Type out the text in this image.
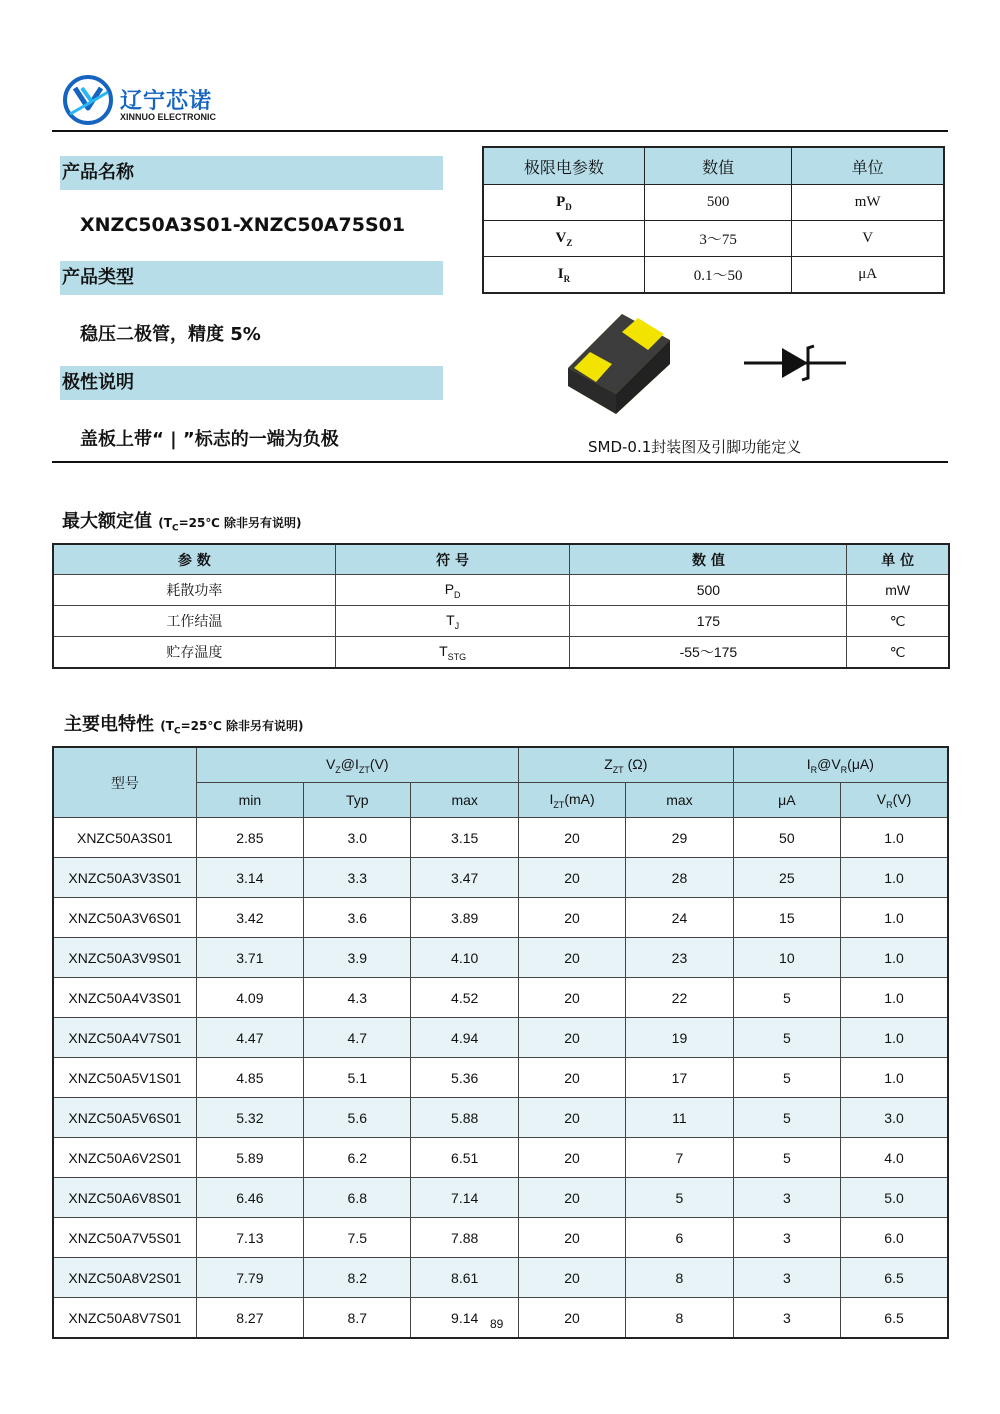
辽宁芯诺
XINNUO ELECTRONIC
产品名称
XNZC50A3S01-XNZC50A75S01
产品类型
稳压二极管，精度 5%
极性说明
盖板上带“ | ”标志的一端为负极
极限电参数	数值	单位
$P_D$	500	mW
$V_Z$	3～75	V
$I_R$	0.1～50	μA
SMD-0.1封装图及引脚功能定义
最大额定值 ($T_C=25℃$ 除非另有说明)
参 数	符 号	数 值	单 位
耗散功率	$P_D$	500	mW
工作结温	$T_J$	175	℃
贮存温度	$T_{STG}$	-55～175	℃
主要电特性 ($T_C=25℃$ 除非另有说明)
型号	$V_Z@I_{ZT}(V)$			$Z_{ZT}$ (Ω)		$I_R@V_R(\mu A)$	
	min	Typ	max	$I_{ZT}(mA)$	max	μA	$V_R(V)$
XNZC50A3S01	2.85	3.0	3.15	20	29	50	1.0
XNZC50A3V3S01	3.14	3.3	3.47	20	28	25	1.0
XNZC50A3V6S01	3.42	3.6	3.89	20	24	15	1.0
XNZC50A3V9S01	3.71	3.9	4.10	20	23	10	1.0
XNZC50A4V3S01	4.09	4.3	4.52	20	22	5	1.0
XNZC50A4V7S01	4.47	4.7	4.94	20	19	5	1.0
XNZC50A5V1S01	4.85	5.1	5.36	20	17	5	1.0
XNZC50A5V6S01	5.32	5.6	5.88	20	11	5	3.0
XNZC50A6V2S01	5.89	6.2	6.51	20	7	5	4.0
XNZC50A6V8S01	6.46	6.8	7.14	20	5	3	5.0
XNZC50A7V5S01	7.13	7.5	7.88	20	6	3	6.0
XNZC50A8V2S01	7.79	8.2	8.61	20	8	3	6.5
XNZC50A8V7S01	8.27	8.7	9.14	20	8	3	6.5
89
